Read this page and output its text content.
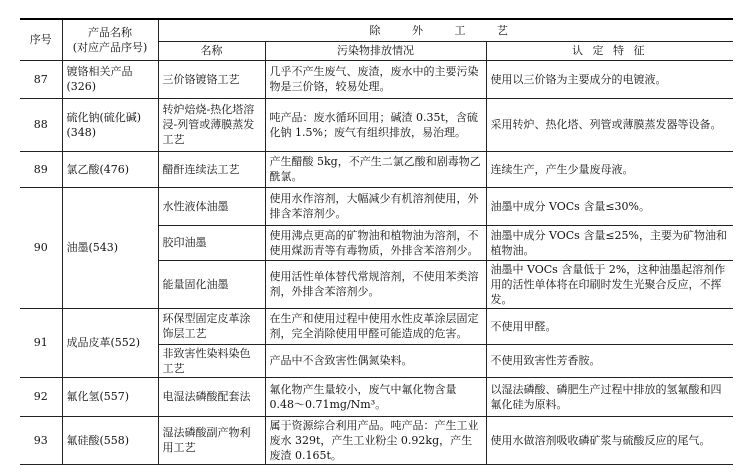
序号	产品名称
(对应产品序号)	除 外 工 艺		
		名称	污染物排放情况	认 定 特 征
87	镀铬相关产品(326)	三价铬镀铬工艺	几乎不产生废气、废渣，废水中的主要污染物是三价铬，较易处理。	使用以三价铬为主要成分的电镀液。
88	硫化钠(硫化碱)(348)	转炉焙烧-热化塔溶浸-列管或薄膜蒸发工艺	吨产品：废水循环回用；碱渣 0.35t，含硫化钠 1.5%；废气有组织排放，易治理。	采用转炉、热化塔、列管或薄膜蒸发器等设备。
89	氯乙酸(476)	醋酐连续法工艺	产生醋酸 5kg，不产生二氯乙酸和剧毒物乙酰氯。	连续生产，产生少量废母液。
90	油墨(543)	水性液体油墨	使用水作溶剂，大幅减少有机溶剂使用，外排含苯溶剂少。	油墨中成分 VOCs 含量≤30%。
		胶印油墨	使用沸点更高的矿物油和植物油为溶剂，不使用煤沥青等有毒物质，外排含苯溶剂少。	油墨中成分 VOCs 含量≤25%，主要为矿物油和植物油。
		能量固化油墨	使用活性单体替代常规溶剂，不使用苯类溶剂，外排含苯溶剂少。	油墨中 VOCs 含量低于 2%，这种油墨起溶剂作用的活性单体将在印刷时发生光聚合反应，不挥发。
91	成品皮革(552)	环保型固定皮革涂饰层工艺	在生产和使用过程中使用水性皮革涂层固定剂，完全消除使用甲醛可能造成的危害。	不使用甲醛。
		非致害性染料染色工艺	产品中不含致害性偶氮染料。	不使用致害性芳香胺。
92	氟化氢(557)	电湿法磷酸配套法	氟化物产生量较小，废气中氟化物含量 0.48～0.71mg/Nm³。	以湿法磷酸、磷肥生产过程中排放的氢氟酸和四氟化硅为原料。
93	氟硅酸(558)	湿法磷酸副产物利用工艺	属于资源综合利用产品。吨产品：产生工业废水 329t，产生工业粉尘 0.92kg，产生废渣 0.165t。	使用水做溶剂吸收磷矿浆与硫酸反应的尾气。
